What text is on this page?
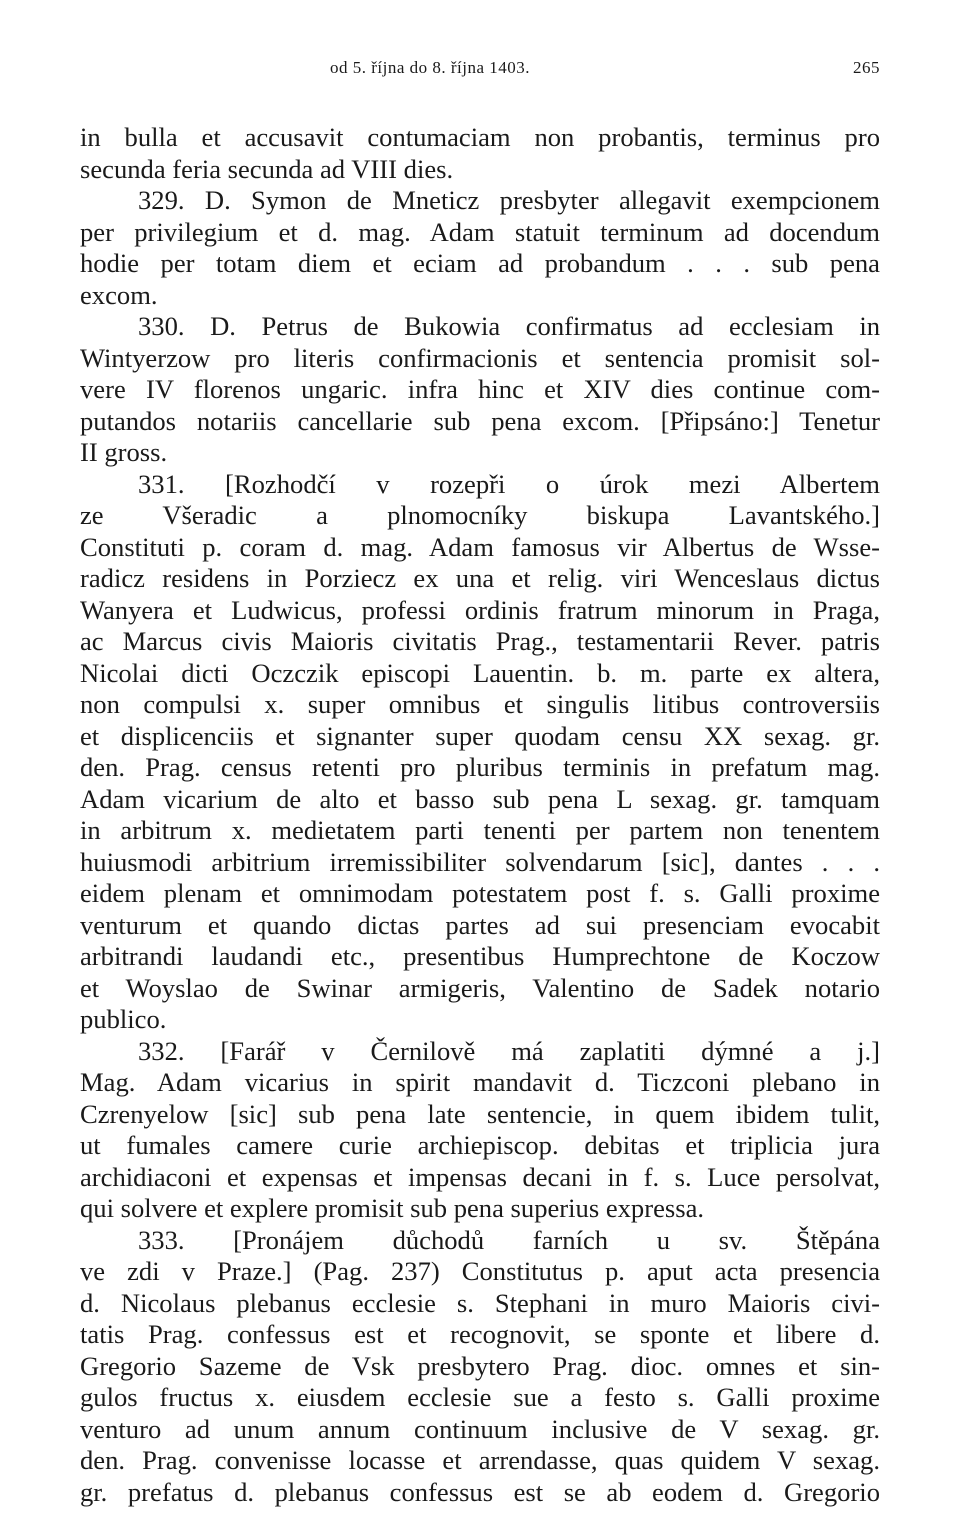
od 5. října do 8. října 1403.	265
in bulla et accusavit contumaciam non probantis, terminus pro
secunda feria secunda ad VIII dies.
329. D. Symon de Mneticz presbyter allegavit exempcionem
per privilegium et d. mag. Adam statuit terminum ad docendum
hodie per totam diem et eciam ad probandum . . . sub pena
excom.
330. D. Petrus de Bukowia confirmatus ad ecclesiam in
Wintyerzow pro literis confirmacionis et sentencia promisit sol-
vere IV florenos ungaric. infra hinc et XIV dies continue com-
putandos notariis cancellarie sub pena excom. [Připsáno:] Tenetur
II gross.
331. [Rozhodčí v rozepři o úrok mezi Albertem
ze Všeradic a plnomocníky biskupa Lavantského.]
Constituti p. coram d. mag. Adam famosus vir Albertus de Wsse-
radicz residens in Porziecz ex una et relig. viri Wenceslaus dictus
Wanyera et Ludwicus, professi ordinis fratrum minorum in Praga,
ac Marcus civis Maioris civitatis Prag., testamentarii Rever. patris
Nicolai dicti Oczczik episcopi Lauentin. b. m. parte ex altera,
non compulsi x. super omnibus et singulis litibus controversiis
et displicenciis et signanter super quodam censu XX sexag. gr.
den. Prag. census retenti pro pluribus terminis in prefatum mag.
Adam vicarium de alto et basso sub pena L sexag. gr. tamquam
in arbitrum x. medietatem parti tenenti per partem non tenentem
huiusmodi arbitrium irremissibiliter solvendarum [sic], dantes . . .
eidem plenam et omnimodam potestatem post f. s. Galli proxime
venturum et quando dictas partes ad sui presenciam evocabit
arbitrandi laudandi etc., presentibus Humprechtone de Koczow
et Woyslao de Swinar armigeris, Valentino de Sadek notario
publico.
332. [Farář v Černilově má zaplatiti dýmné a j.]
Mag. Adam vicarius in spirit mandavit d. Ticzconi plebano in
Czrenyelow [sic] sub pena late sentencie, in quem ibidem tulit,
ut fumales camere curie archiepiscop. debitas et triplicia jura
archidiaconi et expensas et impensas decani in f. s. Luce persolvat,
qui solvere et explere promisit sub pena superius expressa.
333. [Pronájem důchodů farních u sv. Štěpána
ve zdi v Praze.] (Pag. 237) Constitutus p. aput acta presencia
d. Nicolaus plebanus ecclesie s. Stephani in muro Maioris civi-
tatis Prag. confessus est et recognovit, se sponte et libere d.
Gregorio Sazeme de Vsk presbytero Prag. dioc. omnes et sin-
gulos fructus x. eiusdem ecclesie sue a festo s. Galli proxime
venturo ad unum annum continuum inclusive de V sexag. gr.
den. Prag. convenisse locasse et arrendasse, quas quidem V sexag.
gr. prefatus d. plebanus confessus est se ab eodem d. Gregorio
